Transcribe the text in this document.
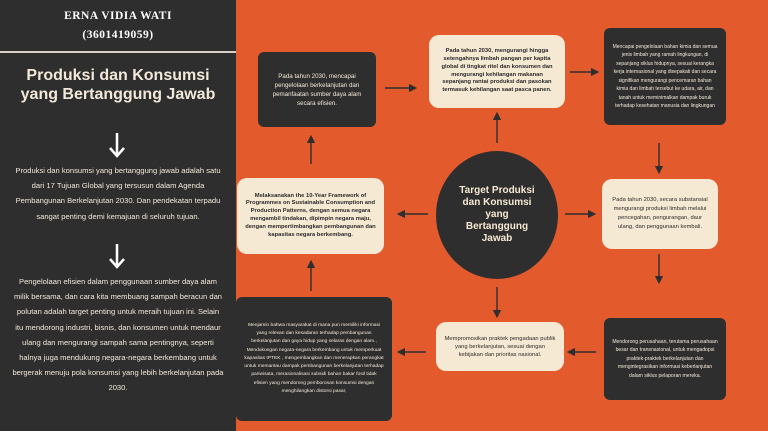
ERNA VIDIA WATI
(3601419059)
Produksi dan Konsumsi yang Bertanggung Jawab
Produksi dan konsumsi yang bertanggung jawab adalah satu dari 17 Tujuan Global yang tersusun dalam Agenda Pembangunan Berkelanjutan 2030. Dan pendekatan terpadu sangat penting demi kemajuan di seluruh tujuan.
Pengelolaan efisien dalam penggunaan sumber daya alam milik bersama, dan cara kita membuang sampah beracun dan polutan adalah target penting untuk meraih tujuan ini. Selain itu mendorong industri, bisnis, dan konsumen untuk mendaur ulang dan mengurangi sampah sama pentingnya, seperti halnya juga mendukung negara-negara berkembang untuk bergerak menuju pola konsumsi yang lebih berkelanjutan pada 2030.
Target Produksi dan Konsumsi yang Bertanggung Jawab
Pada tahun 2030, mencapai pengelolaan berkelanjutan dan pemanfaatan sumber daya alam secara efisien.
Pada tahun 2030, mengurangi hingga setengahnya limbah pangan per kapita global di tingkat ritel dan konsumen dan mengurangi kehilangan makanan sepanjang rantai produksi dan pasokan termasuk kehilangan saat pasca panen.
Mencapai pengelolaan bahan kimia dan semua jenis limbah yang ramah lingkungan, di sepanjang siklus hidupnya, sesuai kerangka kerja internasional yang disepakati dan secara signifikan mengurangi pencemaran bahan kimia dan limbah tersebut ke udara, air, dan tanah untuk meminimalkan dampak buruk terhadap kesehatan manusia dan lingkungan
Melaksanakan the 10-Year Framework of Programmes on Sustainable Consumption and Production Patterns, dengan semua negara mengambil tindakan, dipimpin negara maju, dengan mempertimbangkan pembangunan dan kapasitas negara berkembang.
Pada tahun 2030, secara substansial mengurangi produksi limbah melalui pencegahan, pengurangan, daur ulang, dan penggunaan kembali.
Menjamin bahwa masyarakat di mana pun memiliki informasi yang relevan dan kesadaran terhadap pembangunan berkelanjutan dan gaya hidup yang selaras dengan alam., Mendukungan negara-negara berkembang untuk memperkuat kapasitas IPTEK , mengembangkan dan menerapkan perangkat untuk memantau dampak pembangunan berkelanjutan terhadap pariwisata, merasionalisasi subsidi bahan bakar fosil tidak efisien yang mendorong pemborosan konsumsi dengan menghilangkan distorsi pasar,
Mempromosikan praktek pengadaan publik yang berkelanjutan, sesuai dengan kebijakan dan prioritas nasional.
Mendorong perusahaan, terutama perusahaan besar dan transnasional, untuk mengadopsi praktek-praktek berkelanjutan dan mengintegrasikan informasi keberlanjutan dalam siklus pelaporan mereka.
